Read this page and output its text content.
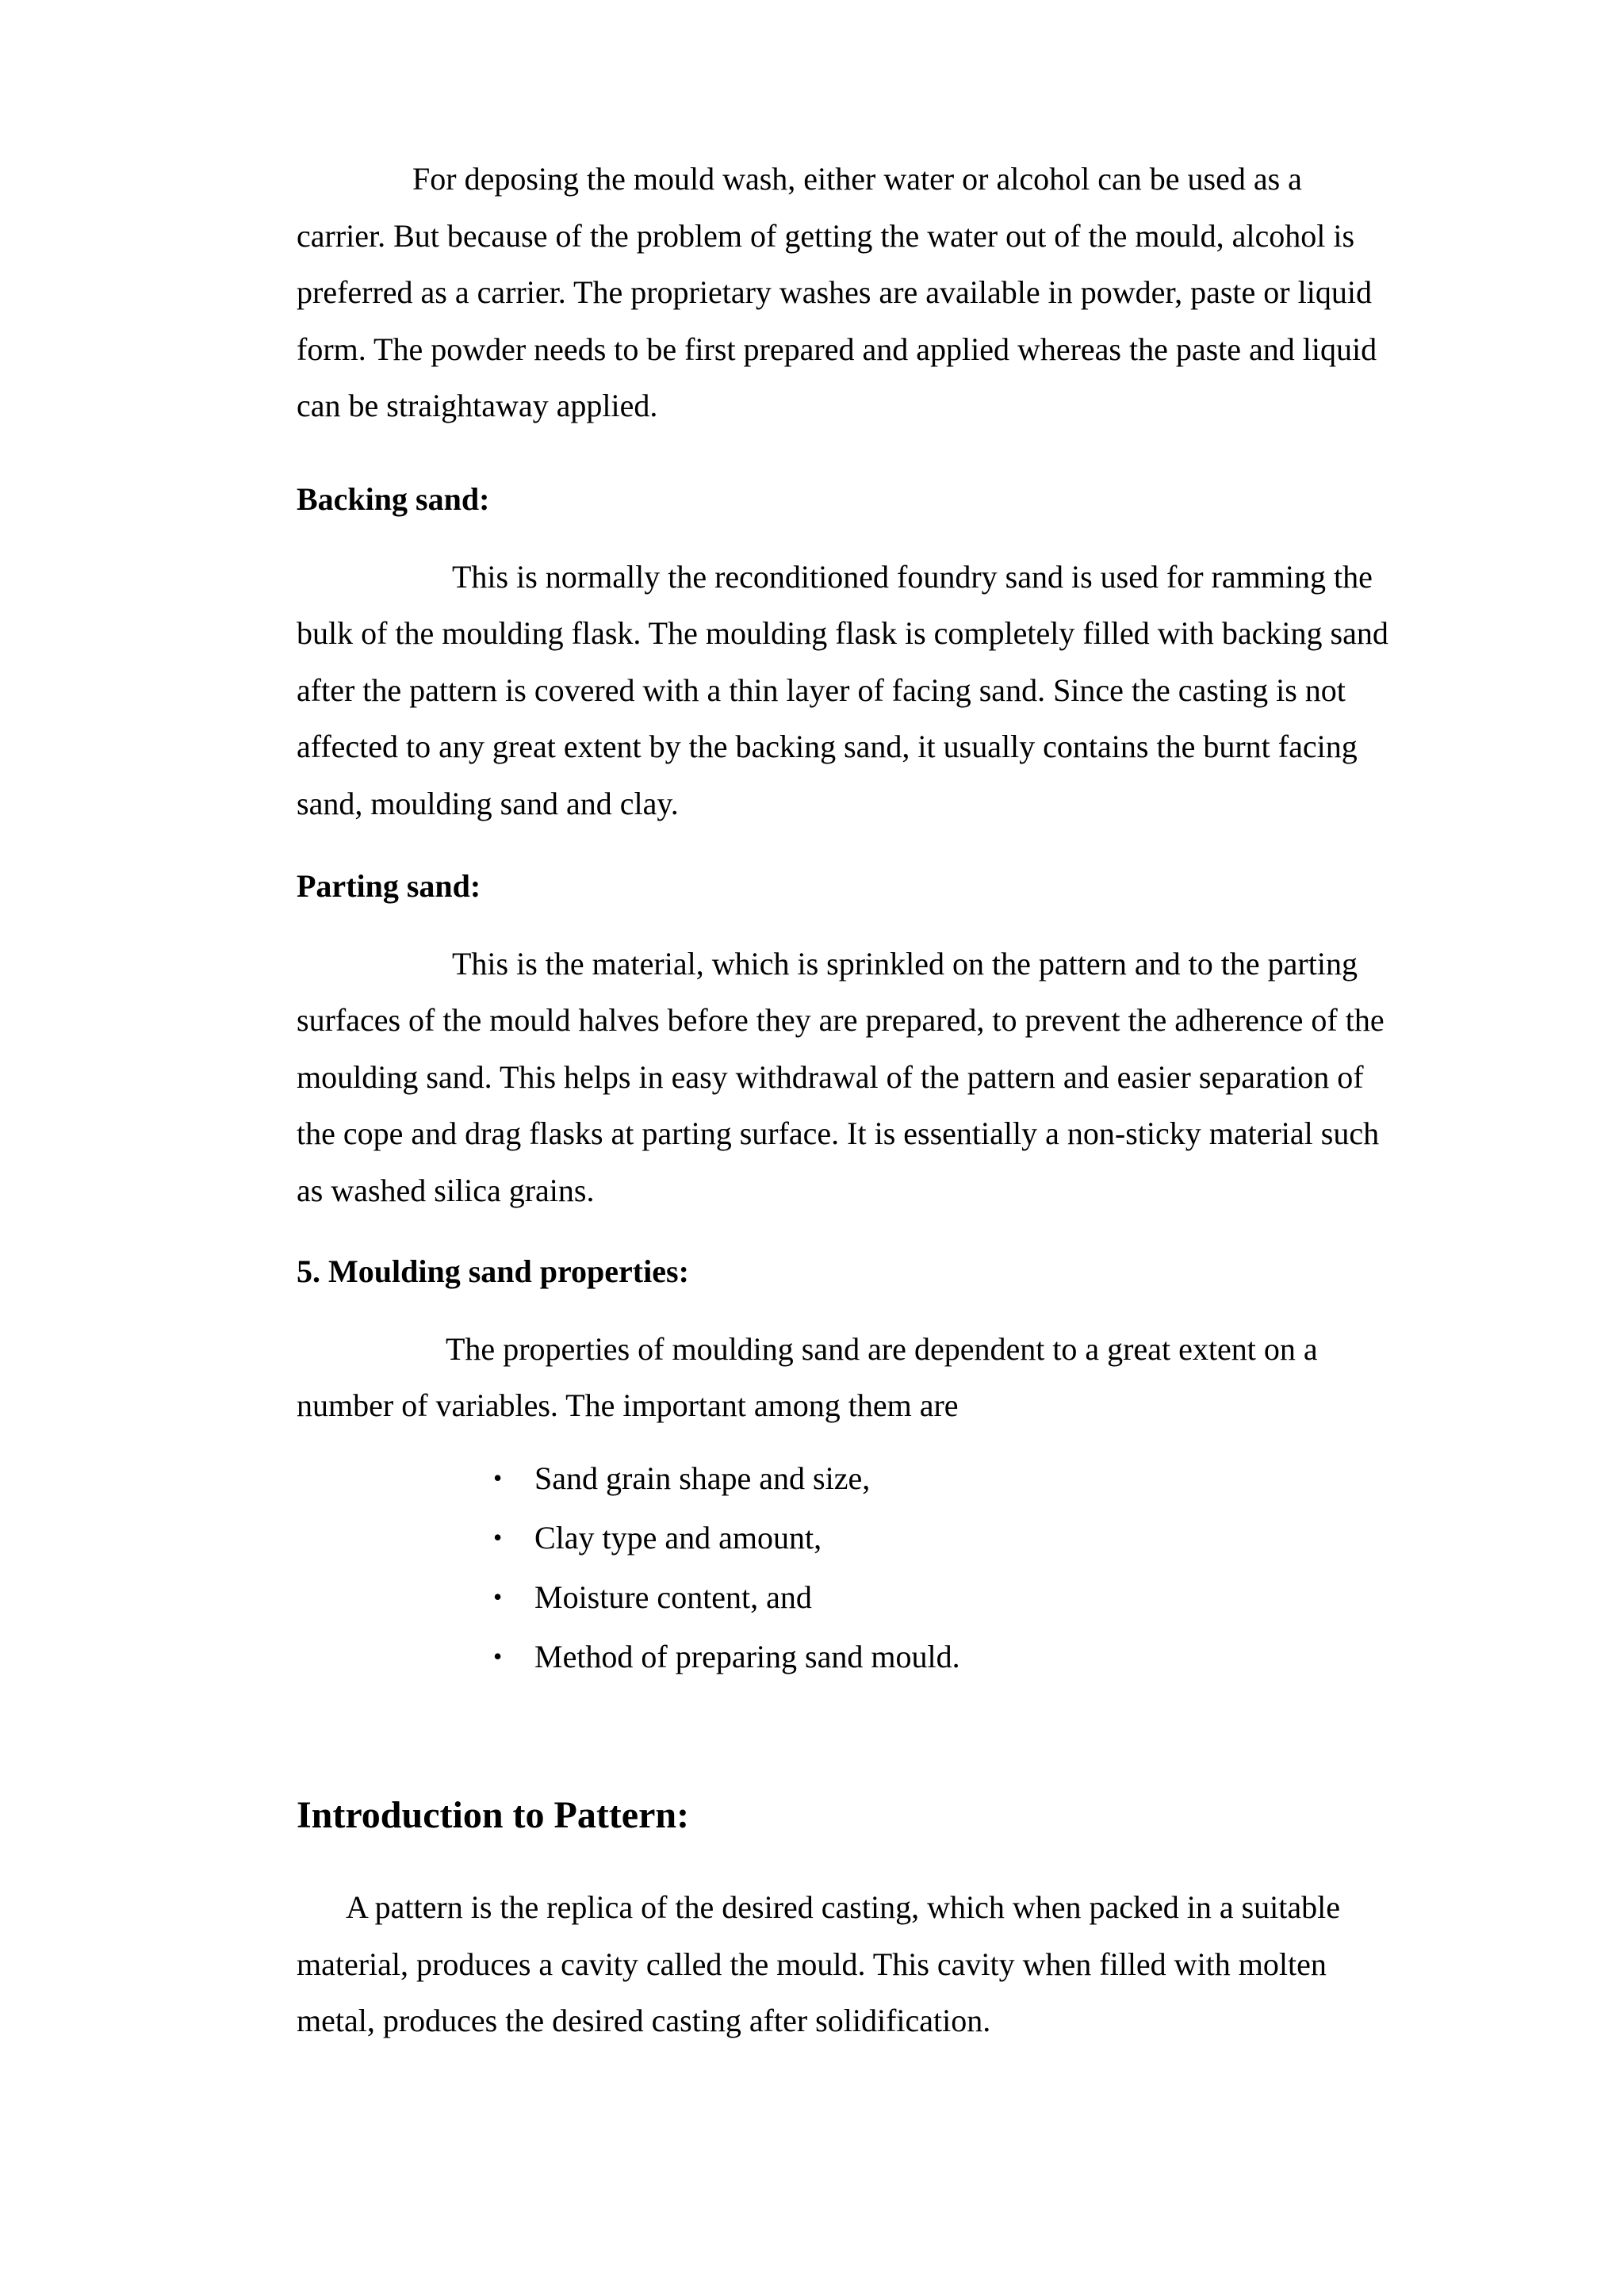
For deposing the mould wash, either water or alcohol can be used as a
carrier. But because of the problem of getting the water out of the mould, alcohol is
preferred as a carrier. The proprietary washes are available in powder, paste or liquid
form. The powder needs to be first prepared and applied whereas the paste and liquid
can be straightaway applied.

Backing sand:

This is normally the reconditioned foundry sand is used for ramming the
bulk of the moulding flask. The moulding flask is completely filled with backing sand
after the pattern is covered with a thin layer of facing sand. Since the casting is not
affected to any great extent by the backing sand, it usually contains the burnt facing
sand, moulding sand and clay.

Parting sand:

This is the material, which is sprinkled on the pattern and to the parting
surfaces of the mould halves before they are prepared, to prevent the adherence of the
moulding sand. This helps in easy withdrawal of the pattern and easier separation of
the cope and drag flasks at parting surface. It is essentially a non-sticky material such
as washed silica grains.

5. Moulding sand properties:

The properties of moulding sand are dependent to a great extent on a
number of variables. The important among them are

• Sand grain shape and size,
• Clay type and amount,
• Moisture content, and
• Method of preparing sand mould.
Introduction to Pattern:

A pattern is the replica of the desired casting, which when packed in a suitable
material, produces a cavity called the mould. This cavity when filled with molten
metal, produces the desired casting after solidification.
